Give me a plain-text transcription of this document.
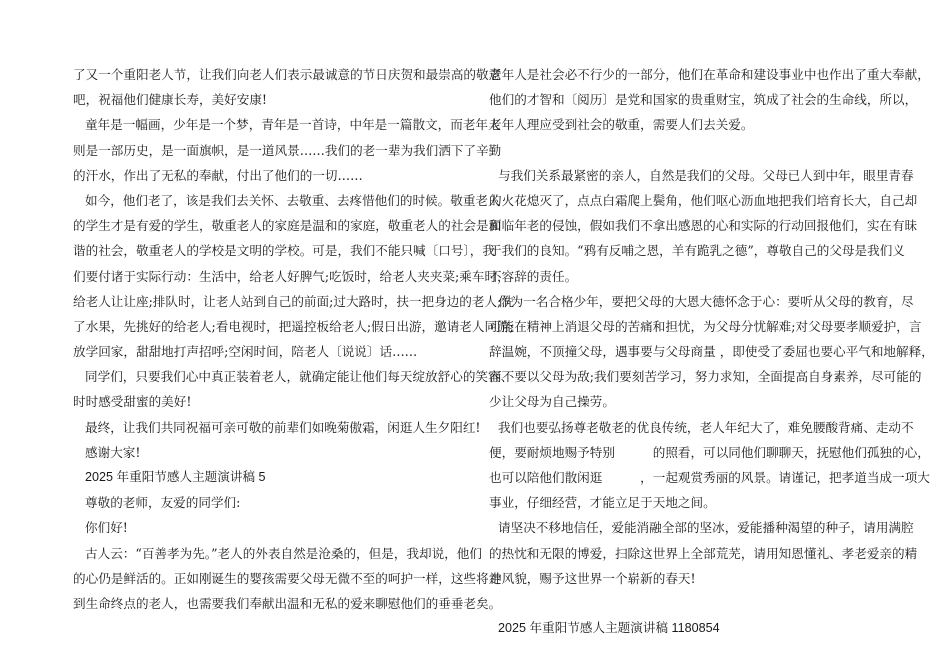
了又一个重阳老人节，让我们向老人们表示最诚意的节日庆贺和最崇高的敬意
吧，祝福他们健康长寿，美好安康!
童年是一幅画，少年是一个梦，青年是一首诗，中年是一篇散文，而老年人
则是一部历史，是一面旗帜，是一道风景……我们的老一辈为我们洒下了辛勤
的汗水，作出了无私的奉献，付出了他们的一切……
如今，他们老了，该是我们去关怀、去敬重、去疼惜他们的时候。敬重老人
的学生才是有爱的学生，敬重老人的家庭是温和的家庭，敬重老人的社会是和
谐的社会，敬重老人的学校是文明的学校。可是，我们不能只喊〔口号〕，我
们要付诸于实际行动：生活中，给老人好脾气;吃饭时，给老人夹夹菜;乘车时，
给老人让让座;排队时，让老人站到自己的前面;过大路时，扶一把身边的老人;洗
了水果，先挑好的给老人;看电视时，把遥控板给老人;假日出游，邀请老人同游;
放学回家，甜甜地打声招呼;空闲时间，陪老人〔说说〕话……
同学们，只要我们心中真正装着老人，就确定能让他们每天绽放舒心的笑容、
时时感受甜蜜的美好!
最终，让我们共同祝福可亲可敬的前辈们如晚菊傲霜，闲逛人生夕阳红!
感谢大家!
2025 年重阳节感人主题演讲稿 5
尊敬的老师，友爱的同学们:
你们好!
古人云：“百善孝为先。”老人的外表自然是沧桑的，但是，我却说，他们
的心仍是鲜活的。正如刚诞生的婴孩需要父母无微不至的呵护一样，这些将走
到生命终点的老人，也需要我们奉献出温和无私的爱来聊慰他们的垂垂老矣。
老年人是社会必不行少的一部分，他们在革命和建设事业中也作出了重大奉献，
他们的才智和〔阅历〕是党和国家的贵重财宝，筑成了社会的生命线，所以，
老年人理应受到社会的敬重，需要人们去关爱。
与我们关系最紧密的亲人，自然是我们的父母。父母已人到中年，眼里青春
的火花熄灭了，点点白霜爬上鬓角，他们呕心沥血地把我们培育长大，自己却
面临年老的侵蚀，假如我们不拿出感恩的心和实际的行动回报他们，实在有昧
于我们的良知。“鸦有反哺之恩，羊有跪乳之德”，尊敬自己的父母是我们义
不容辞的责任。
作为一名合格少年，要把父母的大恩大德怀念于心：要听从父母的教育，尽
可能在精神上消退父母的苦痛和担忧，为父母分忧解难;对父母要孝顺爱护，言
辞温婉，不顶撞父母，遇事要与父母商量 ，即使受了委屈也要心平气和地解释，
而不要以父母为敌;我们要刻苦学习，努力求知，全面提高自身素养，尽可能的
少让父母为自己操劳。
我们也要弘扬尊老敬老的优良传统，老人年纪大了，难免腰酸背痛、走动不
便，要耐烦地赐予特别　　　的照看，可以同他们聊聊天，抚慰他们孤独的心，
也可以陪他们散闲逛　　　，一起观赏秀丽的风景。请谨记，把孝道当成一项大
事业，仔细经营，才能立足于天地之间。
请坚决不移地信任，爱能消融全部的坚冰，爱能播种渴望的种子，请用满腔
的热忱和无限的博爱，扫除这世界上全部荒芜，请用知恩懂礼、孝老爱亲的精
神风貌，赐予这世界一个崭新的春天!
2025 年重阳节感人主题演讲稿 1180854
